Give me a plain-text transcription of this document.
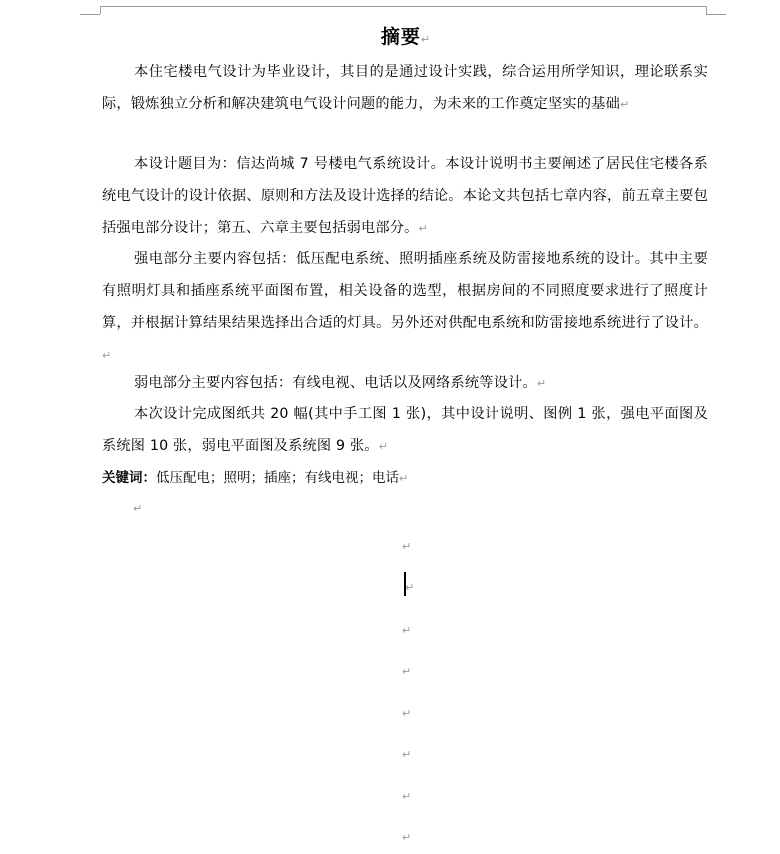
摘要↵
本住宅楼电气设计为毕业设计，其目的是通过设计实践，综合运用所学知识，理论联系实际，锻炼独立分析和解决建筑电气设计问题的能力，为未来的工作奠定坚实的基础↵
本设计题目为：信达尚城 7 号楼电气系统设计。本设计说明书主要阐述了居民住宅楼各系统电气设计的设计依据、原则和方法及设计选择的结论。本论文共包括七章内容，前五章主要包括强电部分设计；第五、六章主要包括弱电部分。↵
强电部分主要内容包括：低压配电系统、照明插座系统及防雷接地系统的设计。其中主要有照明灯具和插座系统平面图布置，相关设备的选型，根据房间的不同照度要求进行了照度计算，并根据计算结果结果选择出合适的灯具。另外还对供配电系统和防雷接地系统进行了设计。↵
弱电部分主要内容包括：有线电视、电话以及网络系统等设计。↵
本次设计完成图纸共 20 幅(其中手工图 1 张)，其中设计说明、图例 1 张，强电平面图及系统图 10 张，弱电平面图及系统图 9 张。↵
关键词：低压配电；照明；插座；有线电视；电话↵
↵
↵
↵
↵
↵
↵
↵
↵
↵
